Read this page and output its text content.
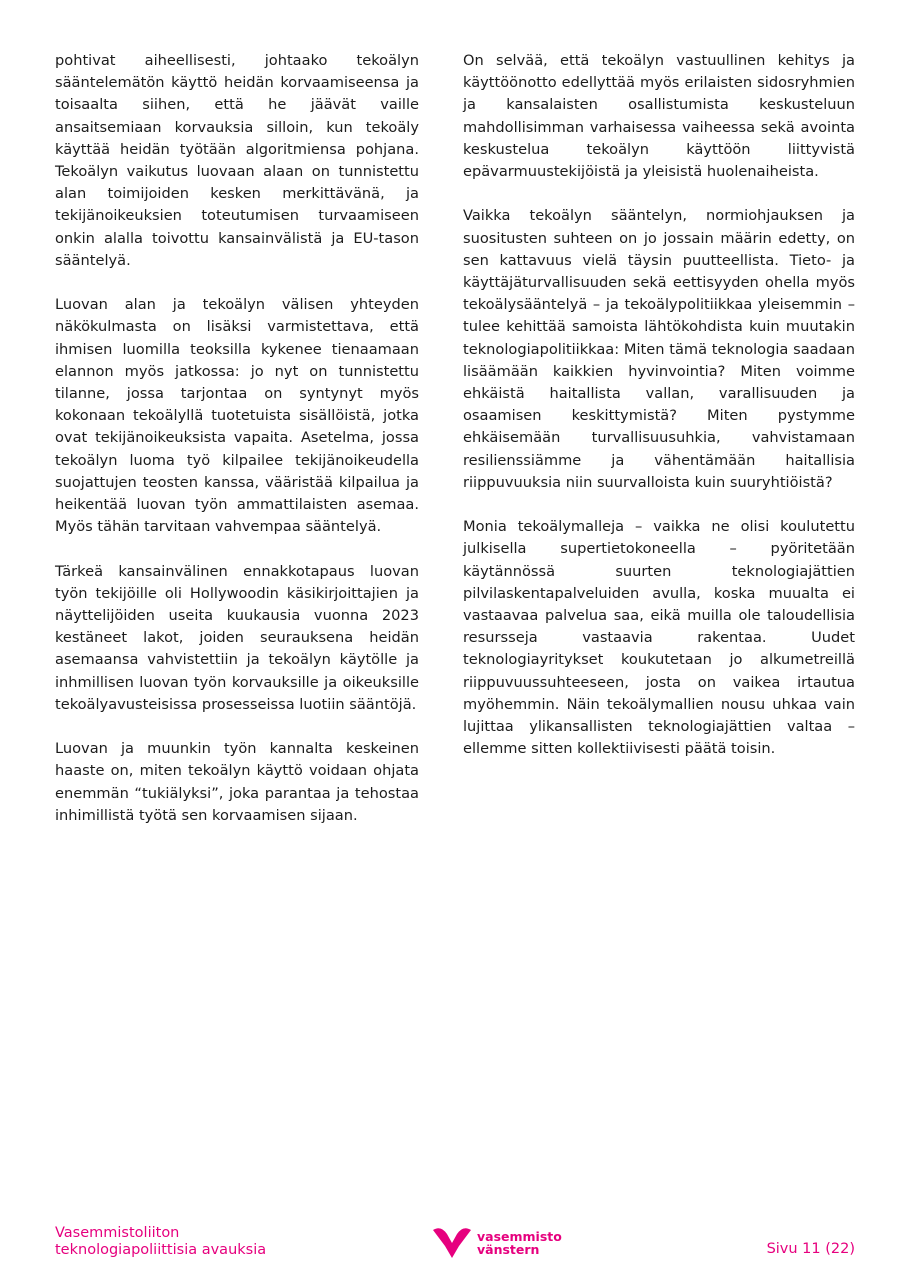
pohtivat aiheellisesti, johtaako tekoälyn sääntelemätön käyttö heidän korvaamiseensa ja toisaalta siihen, että he jäävät vaille ansaitsemiaan korvauksia silloin, kun tekoäly käyttää heidän työtään algoritmiensa pohjana. Tekoälyn vaikutus luovaan alaan on tunnistettu alan toimijoiden kesken merkittävänä, ja tekijänoikeuksien toteutumisen turvaamiseen onkin alalla toivottu kansainvälistä ja EU-tason sääntelyä.

Luovan alan ja tekoälyn välisen yhteyden näkökulmasta on lisäksi varmistettava, että ihmisen luomilla teoksilla kykenee tienaamaan elannon myös jatkossa: jo nyt on tunnistettu tilanne, jossa tarjontaa on syntynyt myös kokonaan tekoälyllä tuotetuista sisällöistä, jotka ovat tekijänoikeuksista vapaita. Asetelma, jossa tekoälyn luoma työ kilpailee tekijänoikeudella suojattujen teosten kanssa, vääristää kilpailua ja heikentää luovan työn ammattilaisten asemaa. Myös tähän tarvitaan vahvempaa sääntelyä.

Tärkeä kansainvälinen ennakkotapaus luovan työn tekijöille oli Hollywoodin käsikirjoittajien ja näyttelijöiden useita kuukausia vuonna 2023 kestäneet lakot, joiden seurauksena heidän asemaansa vahvistettiin ja tekoälyn käytölle ja inhmillisen luovan työn korvauksille ja oikeuksille tekoälyavusteisissa prosesseissa luotiin sääntöjä.

Luovan ja muunkin työn kannalta keskeinen haaste on, miten tekoälyn käyttö voidaan ohjata enemmän “tukiälyksi”, joka parantaa ja tehostaa inhimillistä työtä sen korvaamisen sijaan.

On selvää, että tekoälyn vastuullinen kehitys ja käyttöönotto edellyttää myös erilaisten sidosryhmien ja kansalaisten osallistumista keskusteluun mahdollisimman varhaisessa vaiheessa sekä avointa keskustelua tekoälyn käyttöön liittyvistä epävarmuustekijöistä ja yleisistä huolenaiheista.

Vaikka tekoälyn sääntelyn, normiohjauksen ja suositusten suhteen on jo jossain määrin edetty, on sen kattavuus vielä täysin puutteellista. Tieto- ja käyttäjäturvallisuuden sekä eettisyyden ohella myös tekoälysääntelyä – ja tekoälypolitiikkaa yleisemmin – tulee kehittää samoista lähtökohdista kuin muutakin teknologiapolitiikkaa: Miten tämä teknologia saadaan lisäämään kaikkien hyvinvointia? Miten voimme ehkäistä haitallista vallan, varallisuuden ja osaamisen keskittymistä? Miten pystymme ehkäisemään turvallisuusuhkia, vahvistamaan resilienssiämme ja vähentämään haitallisia riippuvuuksia niin suurvalloista kuin suuryhtiöistä?

Monia tekoälymalleja – vaikka ne olisi koulutettu julkisella supertietokoneella – pyöritetään käytännössä suurten teknologiajättien pilvilaskentapalveluiden avulla, koska muualta ei vastaavaa palvelua saa, eikä muilla ole taloudellisia resursseja vastaavia rakentaa. Uudet teknologiayritykset koukutetaan jo alkumetreillä riippuvuussuhteeseen, josta on vaikea irtautua myöhemmin. Näin tekoälymallien nousu uhkaa vain lujittaa ylikansallisten teknologiajättien valtaa – ellemme sitten kollektiivisesti päätä toisin.

Vasemmistoliiton
teknologiapoliittisia avauksia
vasemmisto
vänstern	Sivu 11 (22)
